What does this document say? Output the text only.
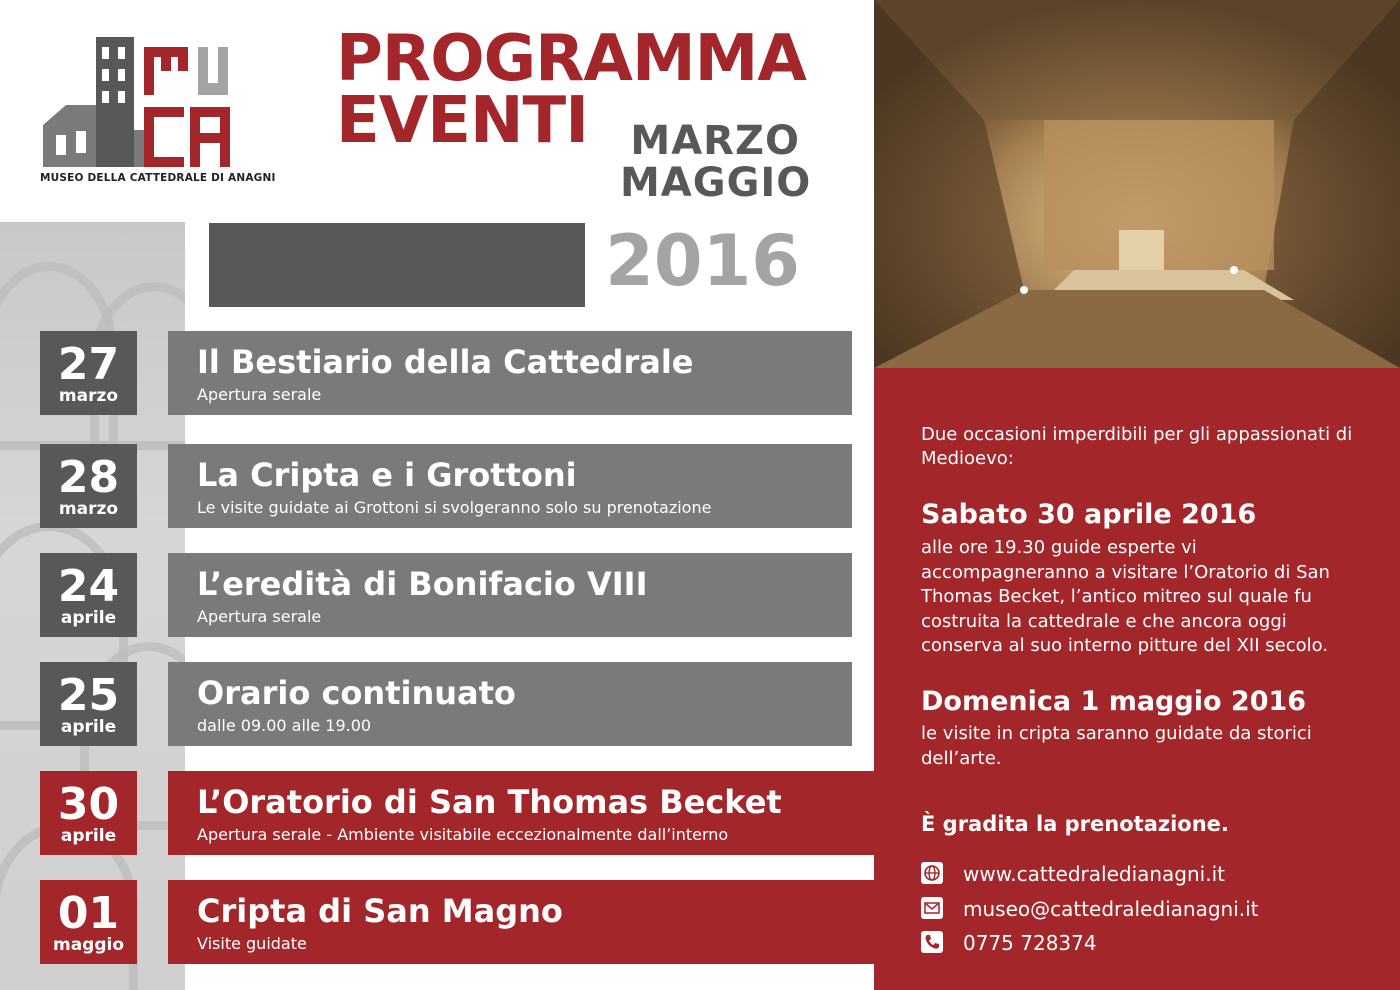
MUCA
MUSEO DELLA CATTEDRALE DI ANAGNI
PROGRAMMA
EVENTI	MARZO
MAGGIO
2016
27
marzo
Il Bestiario della Cattedrale
Apertura serale
28
marzo
La Cripta e i Grottoni
Le visite guidate ai Grottoni si svolgeranno solo su prenotazione
24
aprile
L’eredità di Bonifacio VIII
Apertura serale
25
aprile
Orario continuato
dalle 09.00 alle 19.00
30
aprile
L’Oratorio di San Thomas Becket
Apertura serale - Ambiente visitabile eccezionalmente dall’interno
01
maggio
Cripta di San Magno
Visite guidate
Due occasioni imperdibili per gli appassionati di Medioevo:
Sabato 30 aprile 2016
alle ore 19.30 guide esperte vi accompagneranno a visitare l’Oratorio di San Thomas Becket, l’antico mitreo sul quale fu costruita la cattedrale e che ancora oggi conserva al suo interno pitture del XII secolo.
Domenica 1 maggio 2016
le visite in cripta saranno guidate da storici dell’arte.
È gradita la prenotazione.
www.cattedraledianagni.it
museo@cattedraledianagni.it
0775 728374
